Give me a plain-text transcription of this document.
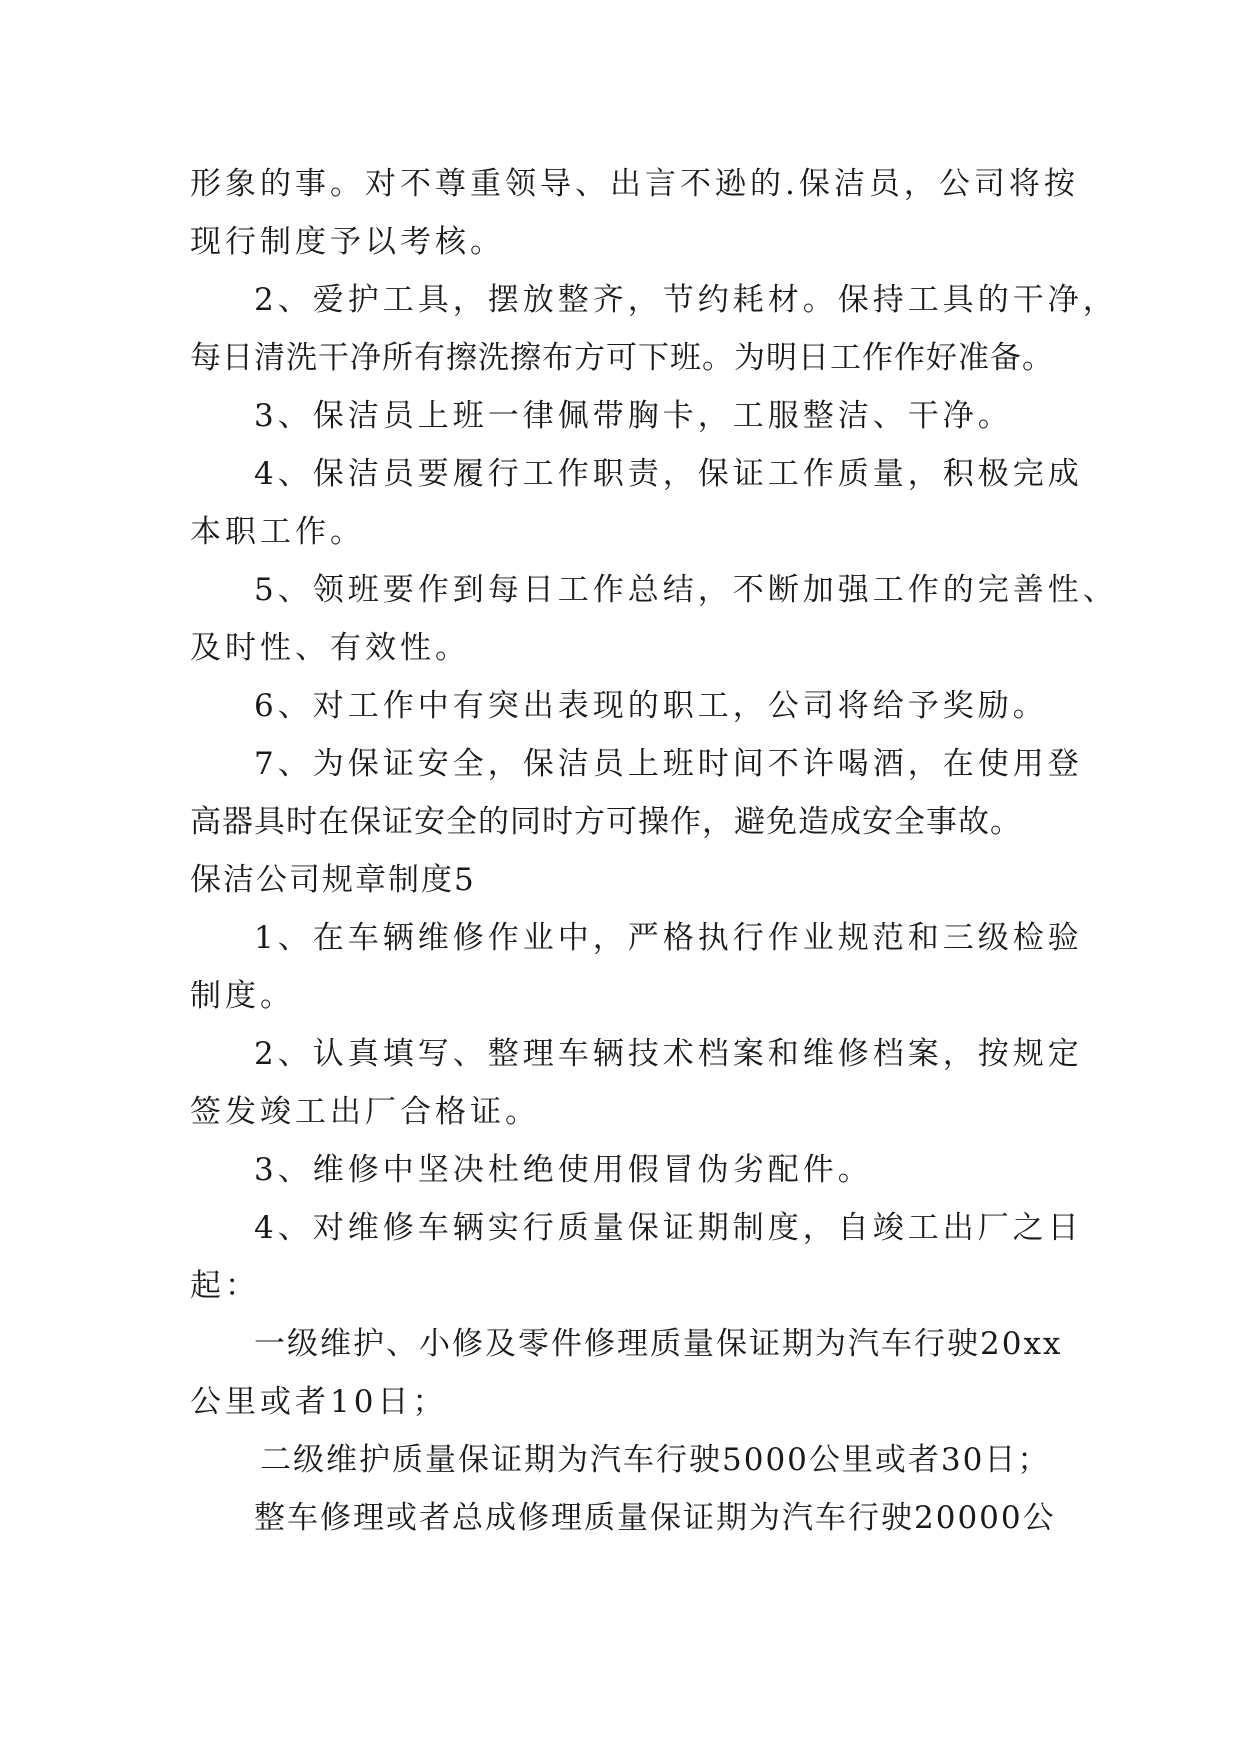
形象的事。对不尊重领导、出言不逊的.保洁员，公司将按
现行制度予以考核。
2、爱护工具，摆放整齐，节约耗材。保持工具的干净，
每日清洗干净所有擦洗擦布方可下班。为明日工作作好准备。
3、保洁员上班一律佩带胸卡，工服整洁、干净。
4、保洁员要履行工作职责，保证工作质量，积极完成
本职工作。
5、领班要作到每日工作总结，不断加强工作的完善性、
及时性、有效性。
6、对工作中有突出表现的职工，公司将给予奖励。
7、为保证安全，保洁员上班时间不许喝酒，在使用登
高器具时在保证安全的同时方可操作，避免造成安全事故。
保洁公司规章制度5
1、在车辆维修作业中，严格执行作业规范和三级检验
制度。
2、认真填写、整理车辆技术档案和维修档案，按规定
签发竣工出厂合格证。
3、维修中坚决杜绝使用假冒伪劣配件。
4、对维修车辆实行质量保证期制度，自竣工出厂之日
起：
一级维护、小修及零件修理质量保证期为汽车行驶20xx
公里或者10日；
二级维护质量保证期为汽车行驶5000公里或者30日；
整车修理或者总成修理质量保证期为汽车行驶20000公
